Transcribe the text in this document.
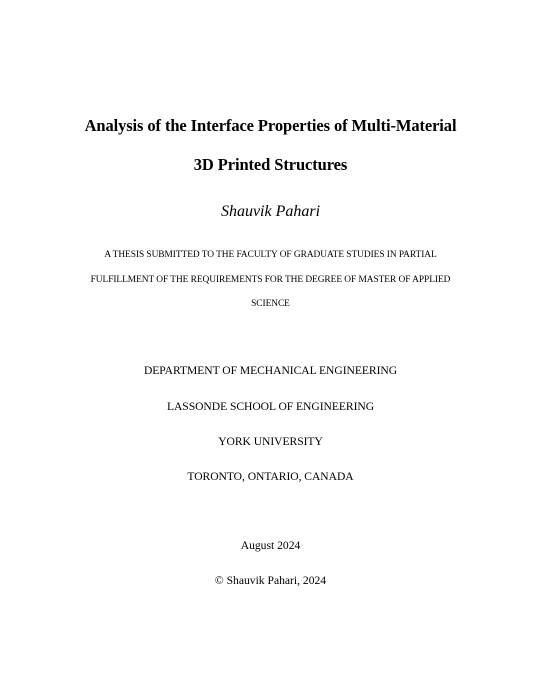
Analysis of the Interface Properties of Multi-Material
3D Printed Structures
Shauvik Pahari
A THESIS SUBMITTED TO THE FACULTY OF GRADUATE STUDIES IN PARTIAL
FULFILLMENT OF THE REQUIREMENTS FOR THE DEGREE OF MASTER OF APPLIED
SCIENCE
DEPARTMENT OF MECHANICAL ENGINEERING
LASSONDE SCHOOL OF ENGINEERING
YORK UNIVERSITY
TORONTO, ONTARIO, CANADA
August 2024
© Shauvik Pahari, 2024
